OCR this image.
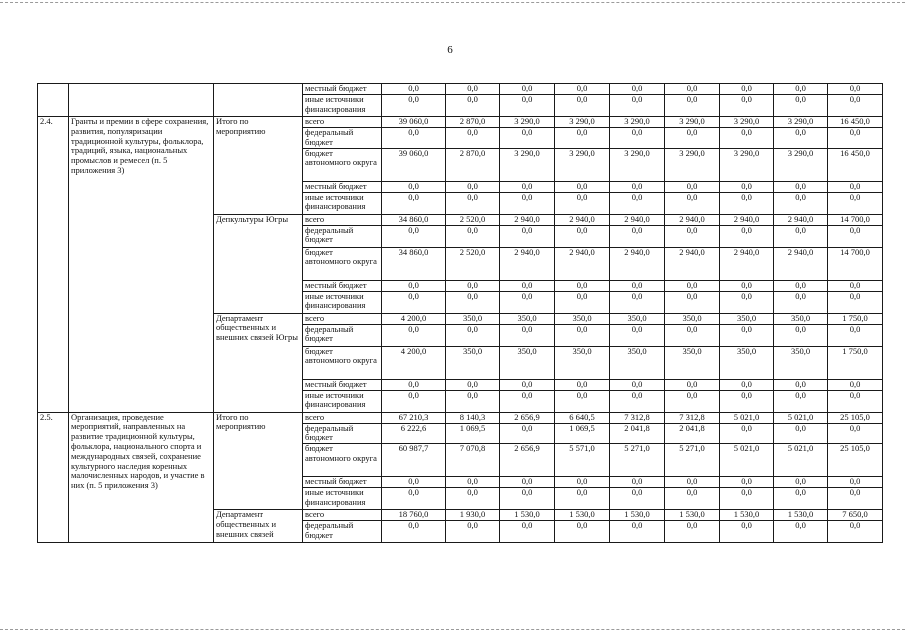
6
			местный бюджет	0,0	0,0	0,0	0,0	0,0	0,0	0,0	0,0	0,0
			иные источники финансирования	0,0	0,0	0,0	0,0	0,0	0,0	0,0	0,0	0,0
2.4.	Гранты и премии в сфере сохранения, развития, популяризации традиционной культуры, фольклора, традиций, языка, национальных промыслов и ремесел (п. 5 приложения 3)	Итого по мероприятию	всего	39 060,0	2 870,0	3 290,0	3 290,0	3 290,0	3 290,0	3 290,0	3 290,0	16 450,0
			федеральный бюджет	0,0	0,0	0,0	0,0	0,0	0,0	0,0	0,0	0,0
			бюджет автономного округа	39 060,0	2 870,0	3 290,0	3 290,0	3 290,0	3 290,0	3 290,0	3 290,0	16 450,0
			местный бюджет	0,0	0,0	0,0	0,0	0,0	0,0	0,0	0,0	0,0
			иные источники финансирования	0,0	0,0	0,0	0,0	0,0	0,0	0,0	0,0	0,0
		Депкультуры Югры	всего	34 860,0	2 520,0	2 940,0	2 940,0	2 940,0	2 940,0	2 940,0	2 940,0	14 700,0
			федеральный бюджет	0,0	0,0	0,0	0,0	0,0	0,0	0,0	0,0	0,0
			бюджет автономного округа	34 860,0	2 520,0	2 940,0	2 940,0	2 940,0	2 940,0	2 940,0	2 940,0	14 700,0
			местный бюджет	0,0	0,0	0,0	0,0	0,0	0,0	0,0	0,0	0,0
			иные источники финансирования	0,0	0,0	0,0	0,0	0,0	0,0	0,0	0,0	0,0
		Департамент общественных и внешних связей Югры	всего	4 200,0	350,0	350,0	350,0	350,0	350,0	350,0	350,0	1 750,0
			федеральный бюджет	0,0	0,0	0,0	0,0	0,0	0,0	0,0	0,0	0,0
			бюджет автономного округа	4 200,0	350,0	350,0	350,0	350,0	350,0	350,0	350,0	1 750,0
			местный бюджет	0,0	0,0	0,0	0,0	0,0	0,0	0,0	0,0	0,0
			иные источники финансирования	0,0	0,0	0,0	0,0	0,0	0,0	0,0	0,0	0,0
2.5.	Организация, проведение мероприятий, направленных на развитие традиционной культуры, фольклора, национального спорта и международных связей, сохранение культурного наследия коренных малочисленных народов, и участие в них (п. 5 приложения 3)	Итого по мероприятию	всего	67 210,3	8 140,3	2 656,9	6 640,5	7 312,8	7 312,8	5 021,0	5 021,0	25 105,0
			федеральный бюджет	6 222,6	1 069,5	0,0	1 069,5	2 041,8	2 041,8	0,0	0,0	0,0
			бюджет автономного округа	60 987,7	7 070,8	2 656,9	5 571,0	5 271,0	5 271,0	5 021,0	5 021,0	25 105,0
			местный бюджет	0,0	0,0	0,0	0,0	0,0	0,0	0,0	0,0	0,0
			иные источники финансирования	0,0	0,0	0,0	0,0	0,0	0,0	0,0	0,0	0,0
		Департамент общественных и внешних связей	всего	18 760,0	1 930,0	1 530,0	1 530,0	1 530,0	1 530,0	1 530,0	1 530,0	7 650,0
			федеральный бюджет	0,0	0,0	0,0	0,0	0,0	0,0	0,0	0,0	0,0
